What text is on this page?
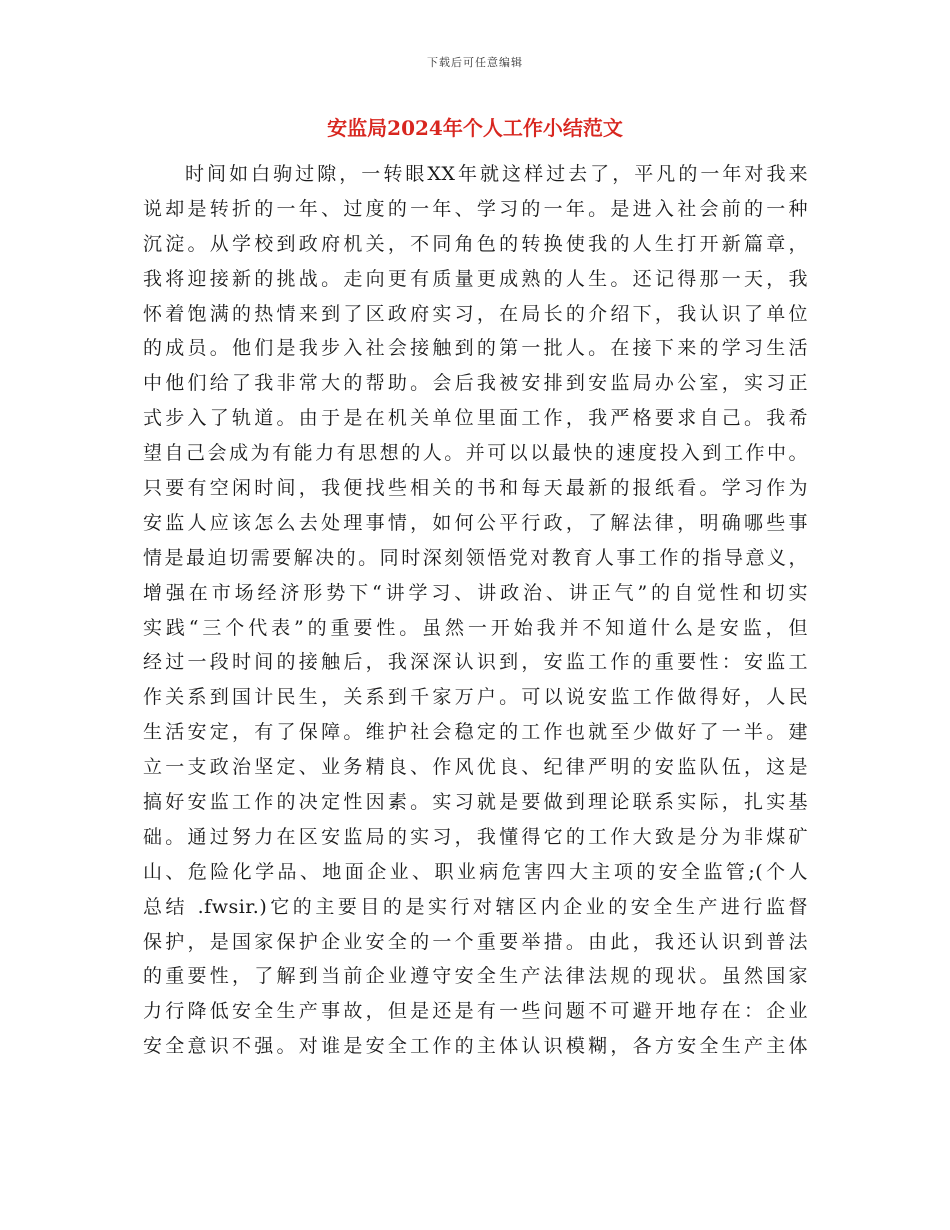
下载后可任意编辑
安监局2024年个人工作小结范文
时间如白驹过隙，一转眼XX年就这样过去了，平凡的一年对我来
说却是转折的一年、过度的一年、学习的一年。是进入社会前的一种
沉淀。从学校到政府机关，不同角色的转换使我的人生打开新篇章，
我将迎接新的挑战。走向更有质量更成熟的人生。还记得那一天，我
怀着饱满的热情来到了区政府实习，在局长的介绍下，我认识了单位
的成员。他们是我步入社会接触到的第一批人。在接下来的学习生活
中他们给了我非常大的帮助。会后我被安排到安监局办公室，实习正
式步入了轨道。由于是在机关单位里面工作，我严格要求自己。我希
望自己会成为有能力有思想的人。并可以以最快的速度投入到工作中。
只要有空闲时间，我便找些相关的书和每天最新的报纸看。学习作为
安监人应该怎么去处理事情，如何公平行政，了解法律，明确哪些事
情是最迫切需要解决的。同时深刻领悟党对教育人事工作的指导意义，
增强在市场经济形势下“讲学习、讲政治、讲正气”的自觉性和切实
实践“三个代表”的重要性。虽然一开始我并不知道什么是安监，但
经过一段时间的接触后，我深深认识到，安监工作的重要性：安监工
作关系到国计民生，关系到千家万户。可以说安监工作做得好，人民
生活安定，有了保障。维护社会稳定的工作也就至少做好了一半。建
立一支政治坚定、业务精良、作风优良、纪律严明的安监队伍，这是
搞好安监工作的决定性因素。实习就是要做到理论联系实际，扎实基
础。通过努力在区安监局的实习，我懂得它的工作大致是分为非煤矿
山、危险化学品、地面企业、职业病危害四大主项的安全监管;(个人
总结 .fwsir.)它的主要目的是实行对辖区内企业的安全生产进行监督
保护，是国家保护企业安全的一个重要举措。由此，我还认识到普法
的重要性，了解到当前企业遵守安全生产法律法规的现状。虽然国家
力行降低安全生产事故，但是还是有一些问题不可避开地存在：企业
安全意识不强。对谁是安全工作的主体认识模糊，各方安全生产主体
